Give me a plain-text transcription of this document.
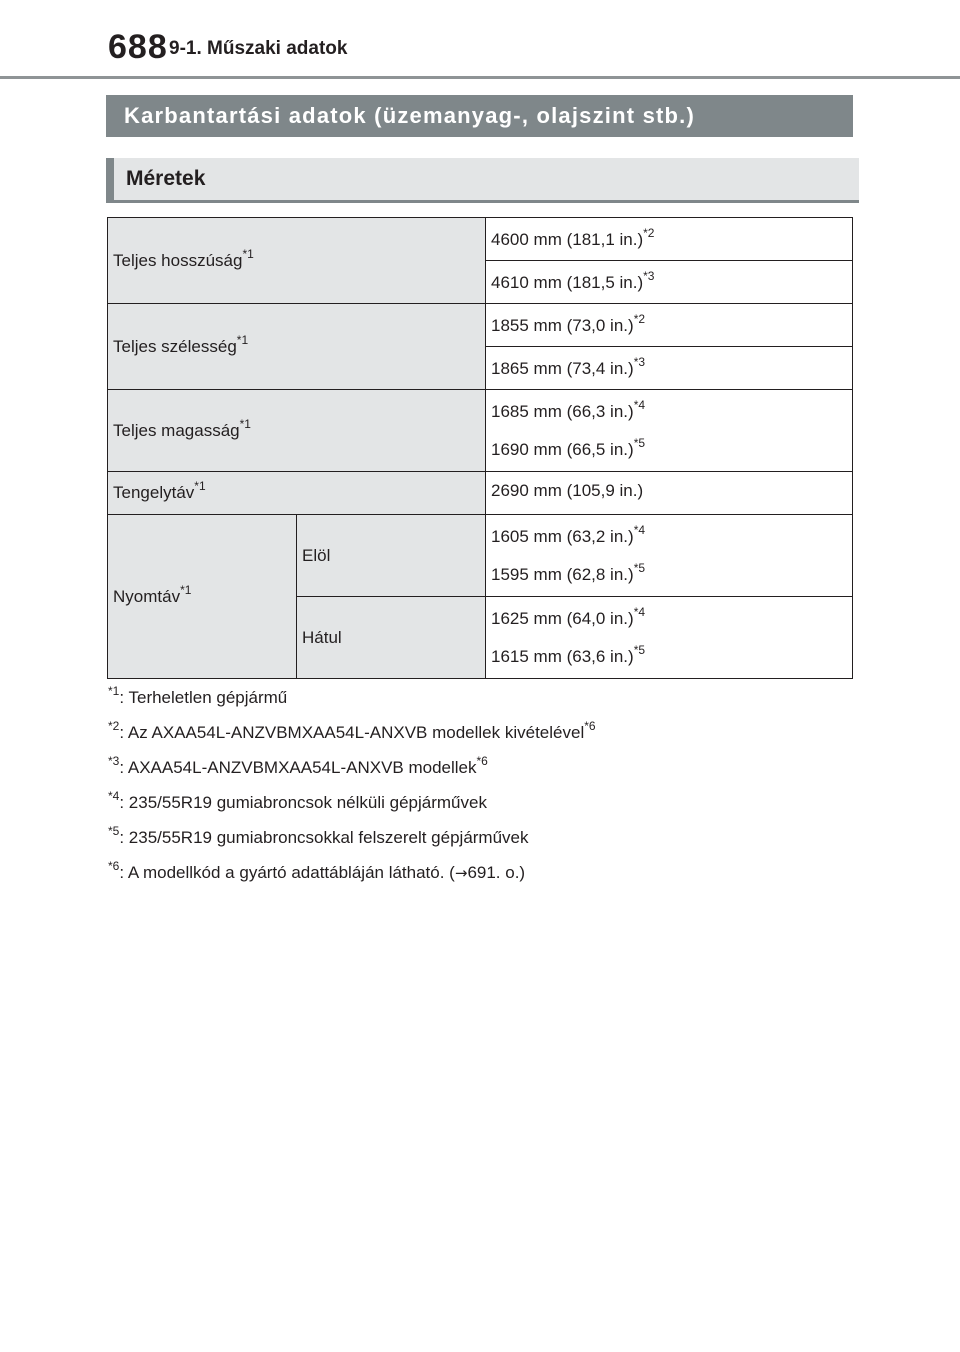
688 9-1. Műszaki adatok
Karbantartási adatok (üzemanyag-, olajszint stb.)
Méretek
Teljes hosszúság$^{*1}$		4600 mm (181,1 in.)$^{*2}$
		4610 mm (181,5 in.)$^{*3}$
Teljes szélesség$^{*1}$		1855 mm (73,0 in.)$^{*2}$
		1865 mm (73,4 in.)$^{*3}$
Teljes magasság$^{*1}$		1685 mm (66,3 in.)$^{*4}$
1690 mm (66,5 in.)$^{*5}$

Tengelytáv$^{*1}$		2690 mm (105,9 in.)
Nyomtáv$^{*1}$	Elöl	1605 mm (63,2 in.)$^{*4}$
1595 mm (62,8 in.)$^{*5}$

	Hátul	1625 mm (64,0 in.)$^{*4}$
1615 mm (63,6 in.)$^{*5}$

$^{*1}$: Terheletlen gépjármű

$^{*2}$: Az AXAA54L-ANZVBMXAA54L-ANXVB modellek kivételével$^{*6}$

$^{*3}$: AXAA54L-ANZVBMXAA54L-ANXVB modellek$^{*6}$

$^{*4}$: 235/55R19 gumiabroncsok nélküli gépjárművek

$^{*5}$: 235/55R19 gumiabroncsokkal felszerelt gépjárművek

$^{*6}$: A modellkód a gyártó adattábláján látható. (→691. o.)
